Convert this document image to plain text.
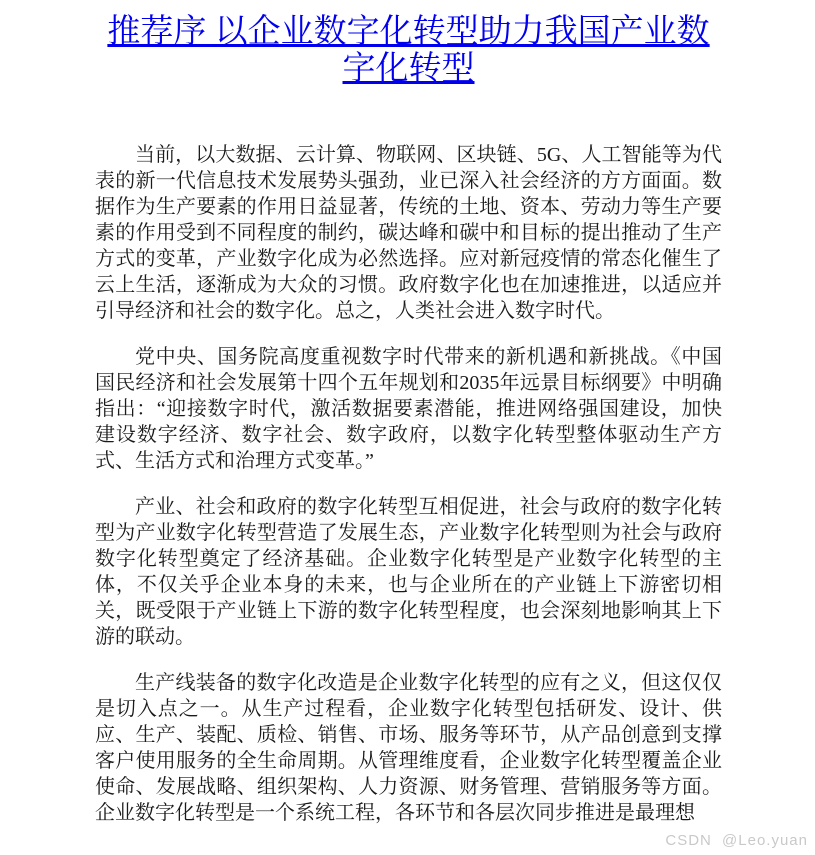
推荐序 以企业数字化转型助力我国产业数字化转型

当前，以大数据、云计算、物联网、区块链、5G、人工智能等为代表的新一代信息技术发展势头强劲，业已深入社会经济的方方面面。数据作为生产要素的作用日益显著，传统的土地、资本、劳动力等生产要素的作用受到不同程度的制约，碳达峰和碳中和目标的提出推动了生产方式的变革，产业数字化成为必然选择。应对新冠疫情的常态化催生了云上生活，逐渐成为大众的习惯。政府数字化也在加速推进，以适应并引导经济和社会的数字化。总之，人类社会进入数字时代。

党中央、国务院高度重视数字时代带来的新机遇和新挑战。《中国国民经济和社会发展第十四个五年规划和2035年远景目标纲要》中明确指出：“迎接数字时代，激活数据要素潜能，推进网络强国建设，加快建设数字经济、数字社会、数字政府，以数字化转型整体驱动生产方式、生活方式和治理方式变革。”

产业、社会和政府的数字化转型互相促进，社会与政府的数字化转型为产业数字化转型营造了发展生态，产业数字化转型则为社会与政府数字化转型奠定了经济基础。企业数字化转型是产业数字化转型的主体，不仅关乎企业本身的未来，也与企业所在的产业链上下游密切相关，既受限于产业链上下游的数字化转型程度，也会深刻地影响其上下游的联动。

生产线装备的数字化改造是企业数字化转型的应有之义，但这仅仅是切入点之一。从生产过程看，企业数字化转型包括研发、设计、供应、生产、装配、质检、销售、市场、服务等环节，从产品创意到支撑客户使用服务的全生命周期。从管理维度看，企业数字化转型覆盖企业使命、发展战略、组织架构、人力资源、财务管理、营销服务等方面。企业数字化转型是一个系统工程，各环节和各层次同步推进是最理想

CSDN @Leo.yuan
